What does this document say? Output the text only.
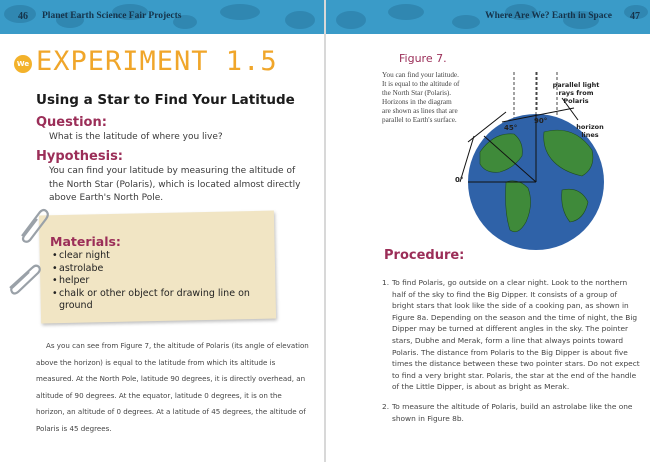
46 Planet Earth Science Fair Projects
We EXPERIMENT 1.5
Using a Star to Find Your Latitude
Question:
What is the latitude of where you live?
Hypothesis:
You can find your latitude by measuring the altitude of the North Star (Polaris), which is located almost directly above Earth's North Pole.
Materials:
• clear night
• astrolabe
• helper
• chalk or other object for drawing line on ground

As you can see from Figure 7, the altitude of Polaris (its angle of elevation above the horizon) is equal to the latitude from which its altitude is measured. At the North Pole, latitude 90 degrees, it is directly overhead, an altitude of 90 degrees. At the equator, latitude 0 degrees, it is on the horizon, an altitude of 0 degrees. At a latitude of 45 degrees, the altitude of Polaris is 45 degrees.

Where Are We? Earth in Space 47
Figure 7.
You can find your latitude. It is equal to the altitude of the North Star (Polaris). Horizons in the diagram are shown as lines that are parallel to Earth's surface.
parallel light rays from Polaris
horizon lines
90°
45°
0°
Procedure:
1. To find Polaris, go outside on a clear night. Look to the northern half of the sky to find the Big Dipper. It consists of a group of bright stars that look like the side of a cooking pan, as shown in Figure 8a. Depending on the season and the time of night, the Big Dipper may be turned at different angles in the sky. The pointer stars, Dubhe and Merak, form a line that always points toward Polaris. The distance from Polaris to the Big Dipper is about five times the distance between these two pointer stars. Do not expect to find a very bright star. Polaris, the star at the end of the handle of the Little Dipper, is about as bright as Merak.
2. To measure the altitude of Polaris, build an astrolabe like the one shown in Figure 8b.
